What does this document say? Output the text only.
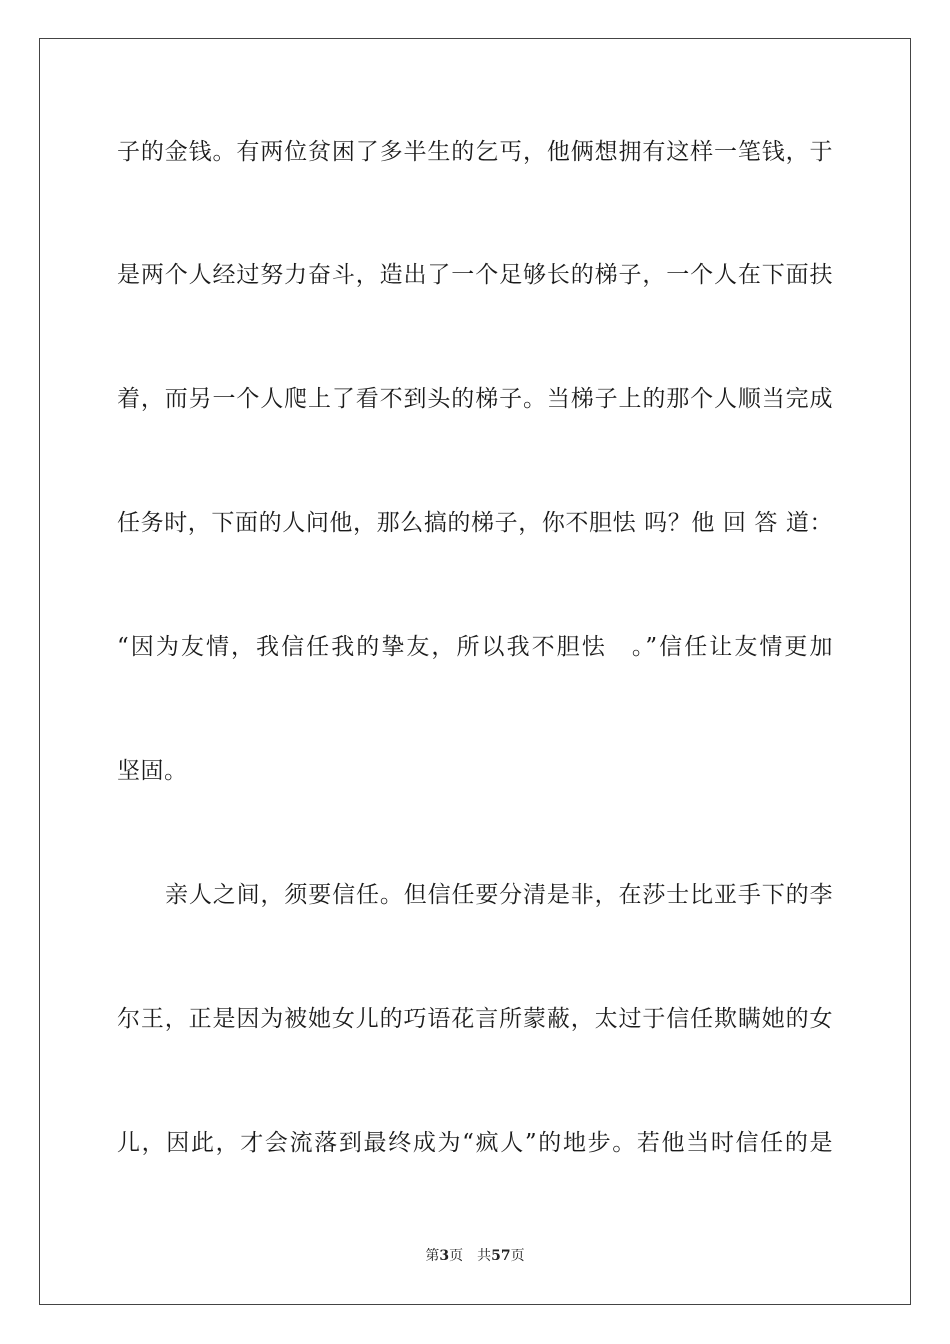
子的金钱。有两位贫困了多半生的乞丐，他俩想拥有这样一笔钱，于
是两个人经过努力奋斗，造出了一个足够长的梯子，一个人在下面扶
着，而另一个人爬上了看不到头的梯子。当梯子上的那个人顺当完成
任务时，下面的人问他，那么搞的梯子，你不胆怯 吗？他 回 答 道：
“因为友情，我信任我的挚友，所以我不胆怯　。”信任让友情更加
坚固。
亲人之间，须要信任。但信任要分清是非，在莎士比亚手下的李
尔王，正是因为被她女儿的巧语花言所蒙蔽，太过于信任欺瞒她的女
儿，因此，才会流落到最终成为“疯人”的地步。若他当时信任的是
第3页 共57页
